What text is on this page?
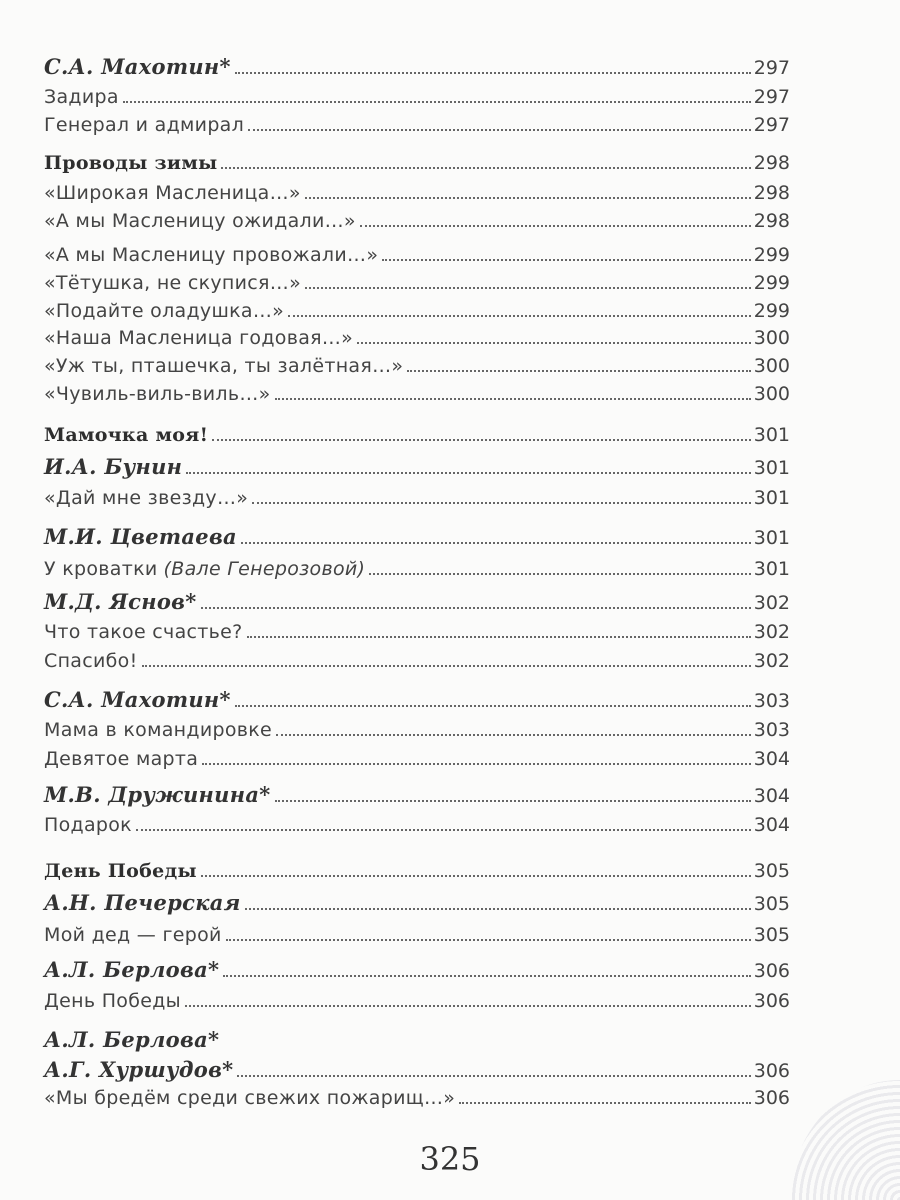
С.А. Махотин*	297
Задира	297
Генерал и адмирал	297
Проводы зимы	298
«Широкая Масленица…»	298
«А мы Масленицу ожидали…»	298
«А мы Масленицу провожали…»	299
«Тётушка, не скупися…»	299
«Подайте оладушка…»	299
«Наша Масленица годовая…»	300
«Уж ты, пташечка, ты залётная…»	300
«Чувиль-виль-виль…»	300
Мамочка моя!	301
И.А. Бунин	301
«Дай мне звезду…»	301
М.И. Цветаева	301
У кроватки (Вале Генерозовой)	301
М.Д. Яснов*	302
Что такое счастье?	302
Спасибо!	302
С.А. Махотин*	303
Мама в командировке	303
Девятое марта	304
М.В. Дружинина*	304
Подарок	304
День Победы	305
А.Н. Печерская	305
Мой дед — герой	305
А.Л. Берлова*	306
День Победы	306
А.Л. Берлова*
А.Г. Хуршудов*	306
«Мы бредём среди свежих пожарищ…»	306
325
